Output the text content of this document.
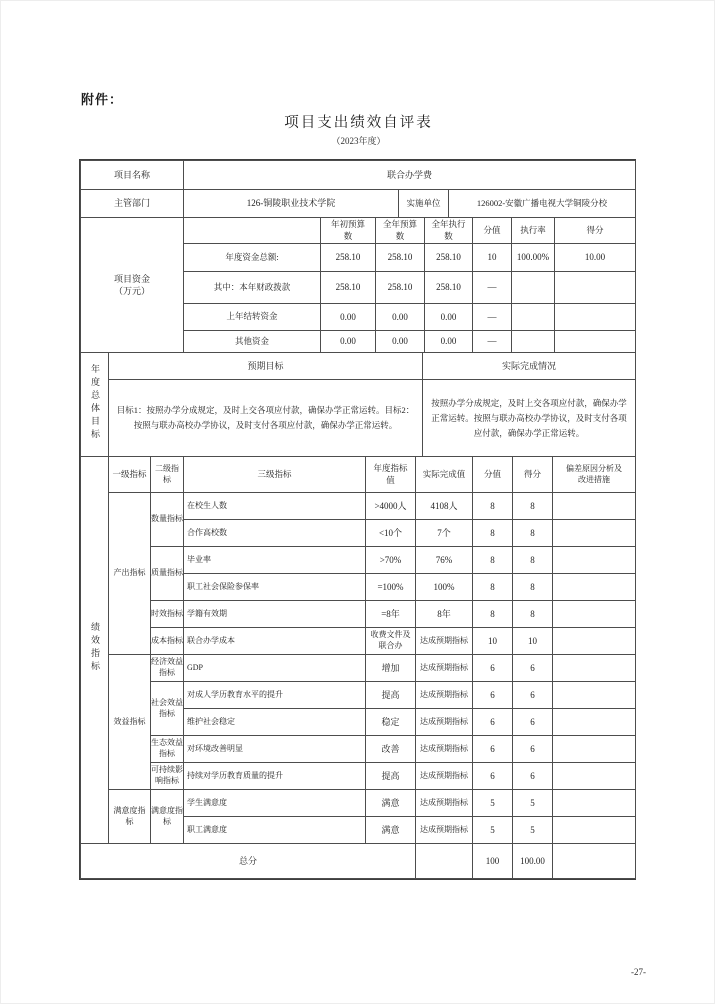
附件：
项目支出绩效自评表
（2023年度）
项目名称	联合办学费		
主管部门	126-铜陵职业技术学院	实施单位	126002-安徽广播电视大学铜陵分校
项目资金（万元）		年初预算数	全年预算数	全年执行数	分值	执行率	得分
	年度资金总额:	258.10	258.10	258.10	10	100.00%	10.00
	其中：本年财政拨款	258.10	258.10	258.10	—		
	上年结转资金	0.00	0.00	0.00	—		
	其他资金	0.00	0.00	0.00	—		
年度总体目标	预期目标	实际完成情况
	目标1：按照办学分成规定，及时上交各项应付款，确保办学正常运转。目标2：按照与联办高校办学协议，及时支付各项应付款，确保办学正常运转。	按照办学分成规定，及时上交各项应付款，确保办学正常运转。按照与联办高校办学协议，及时支付各项应付款，确保办学正常运转。
绩效指标	一级指标	二级指标	三级指标	年度指标值	实际完成值	分值	得分	偏差原因分析及改进措施
	产出指标	数量指标	在校生人数	>4000人	4108人	8	8	
			合作高校数	<10个	7个	8	8	
		质量指标	毕业率	>70%	76%	8	8	
			职工社会保险参保率	=100%	100%	8	8	
		时效指标	学籍有效期	=8年	8年	8	8	
		成本指标	联合办学成本	收费文件及联合办	达成预期指标	10	10	
	效益指标	经济效益指标	GDP	增加	达成预期指标	6	6	
		社会效益指标	对成人学历教育水平的提升	提高	达成预期指标	6	6	
			维护社会稳定	稳定	达成预期指标	6	6	
		生态效益指标	对环境改善明显	改善	达成预期指标	6	6	
		可持续影响指标	持续对学历教育质量的提升	提高	达成预期指标	6	6	
	满意度指标	满意度指标	学生满意度	满意	达成预期指标	5	5	
			职工满意度	满意	达成预期指标	5	5	
总分		100	100.00	
-27-
